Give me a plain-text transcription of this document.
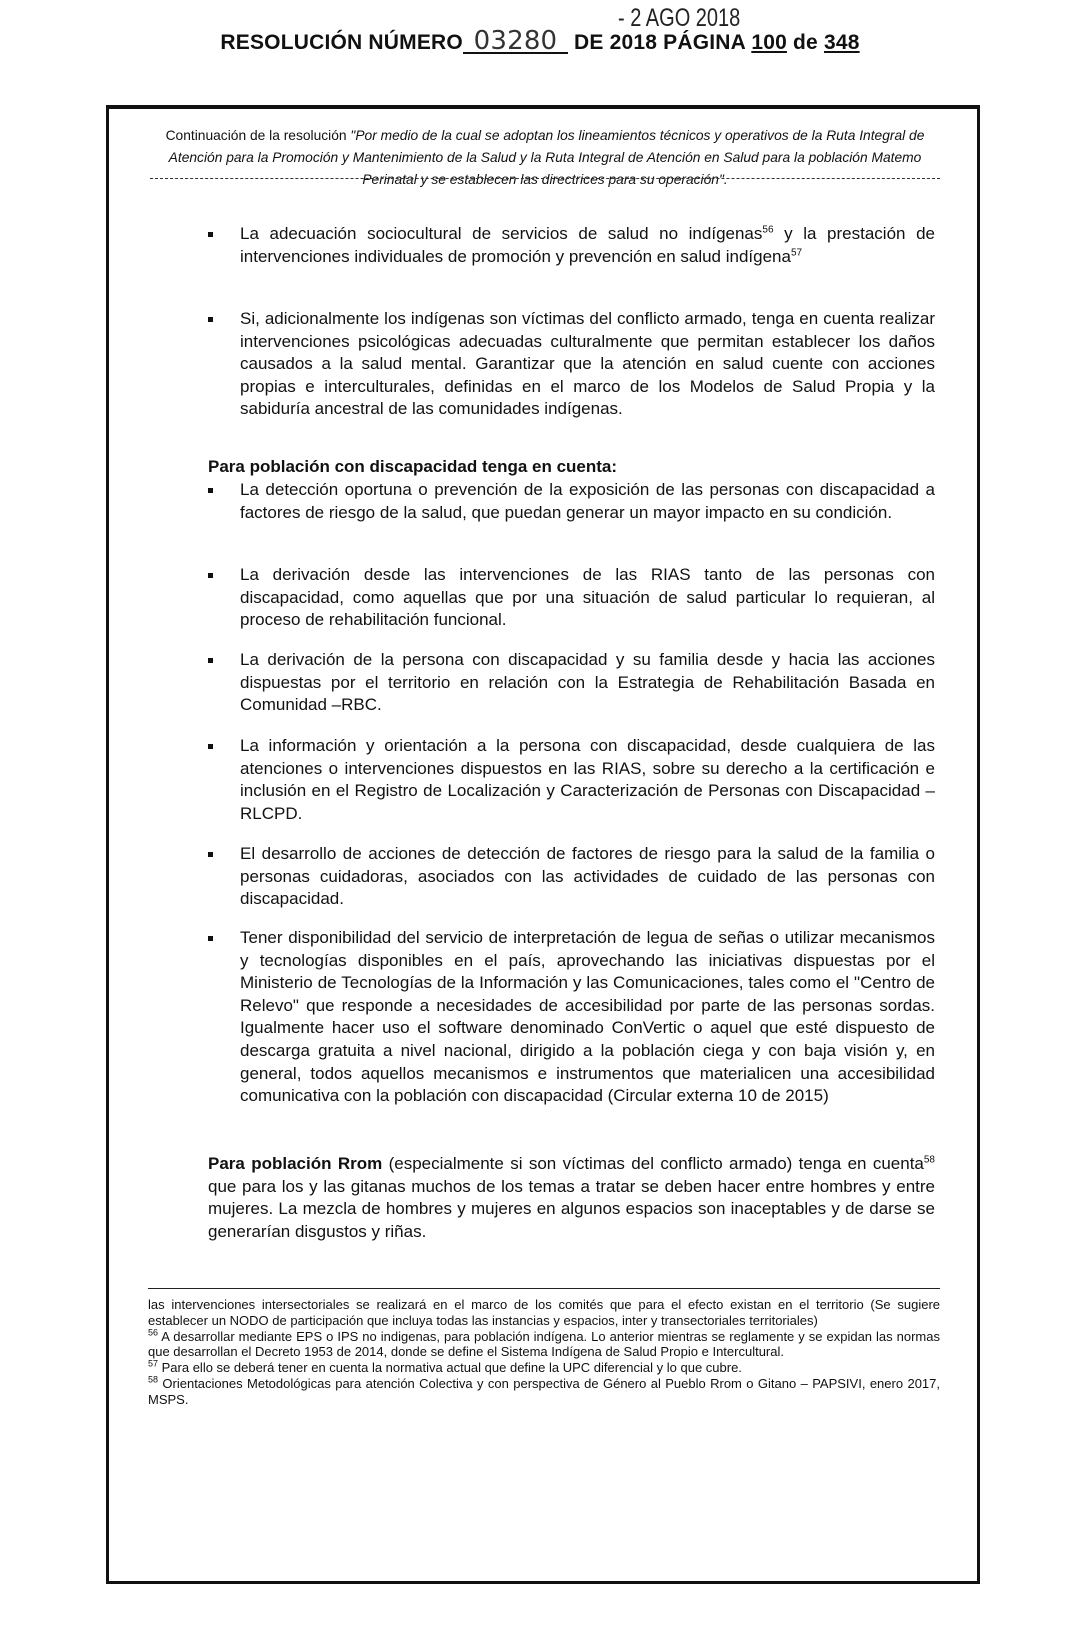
- 2 AGO 2018
RESOLUCIÓN NÚMERO 03280 DE 2018 PÁGINA 100 de 348
Continuación de la resolución "Por medio de la cual se adoptan los lineamientos técnicos y operativos de la Ruta Integral de Atención para la Promoción y Mantenimiento de la Salud y la Ruta Integral de Atención en Salud para la población Matemo Perinatal y se establecen las directrices para su operación".
La adecuación sociocultural de servicios de salud no indígenas$^{56}$ y la prestación de intervenciones individuales de promoción y prevención en salud indígena$^{57}$
Si, adicionalmente los indígenas son víctimas del conflicto armado, tenga en cuenta realizar intervenciones psicológicas adecuadas culturalmente que permitan establecer los daños causados a la salud mental. Garantizar que la atención en salud cuente con acciones propias e interculturales, definidas en el marco de los Modelos de Salud Propia y la sabiduría ancestral de las comunidades indígenas.
Para población con discapacidad tenga en cuenta:
La detección oportuna o prevención de la exposición de las personas con discapacidad a factores de riesgo de la salud, que puedan generar un mayor impacto en su condición.
La derivación desde las intervenciones de las RIAS tanto de las personas con discapacidad, como aquellas que por una situación de salud particular lo requieran, al proceso de rehabilitación funcional.
La derivación de la persona con discapacidad y su familia desde y hacia las acciones dispuestas por el territorio en relación con la Estrategia de Rehabilitación Basada en Comunidad –RBC.
La información y orientación a la persona con discapacidad, desde cualquiera de las atenciones o intervenciones dispuestos en las RIAS, sobre su derecho a la certificación e inclusión en el Registro de Localización y Caracterización de Personas con Discapacidad – RLCPD.
El desarrollo de acciones de detección de factores de riesgo para la salud de la familia o personas cuidadoras, asociados con las actividades de cuidado de las personas con discapacidad.
Tener disponibilidad del servicio de interpretación de legua de señas o utilizar mecanismos y tecnologías disponibles en el país, aprovechando las iniciativas dispuestas por el Ministerio de Tecnologías de la Información y las Comunicaciones, tales como el "Centro de Relevo" que responde a necesidades de accesibilidad por parte de las personas sordas. Igualmente hacer uso el software denominado ConVertic o aquel que esté dispuesto de descarga gratuita a nivel nacional, dirigido a la población ciega y con baja visión y, en general, todos aquellos mecanismos e instrumentos que materialicen una accesibilidad comunicativa con la población con discapacidad (Circular externa 10 de 2015)
Para población Rrom (especialmente si son víctimas del conflicto armado) tenga en cuenta$^{58}$ que para los y las gitanas muchos de los temas a tratar se deben hacer entre hombres y entre mujeres. La mezcla de hombres y mujeres en algunos espacios son inaceptables y de darse se generarían disgustos y riñas.

las intervenciones intersectoriales se realizará en el marco de los comités que para el efecto existan en el territorio (Se sugiere establecer un NODO de participación que incluya todas las instancias y espacios, inter y transectoriales territoriales)

$^{56}$ A desarrollar mediante EPS o IPS no indigenas, para población indígena. Lo anterior mientras se reglamente y se expidan las normas que desarrollan el Decreto 1953 de 2014, donde se define el Sistema Indígena de Salud Propio e Intercultural.

$^{57}$ Para ello se deberá tener en cuenta la normativa actual que define la UPC diferencial y lo que cubre.

$^{58}$ Orientaciones Metodológicas para atención Colectiva y con perspectiva de Género al Pueblo Rrom o Gitano – PAPSIVI, enero 2017, MSPS.
